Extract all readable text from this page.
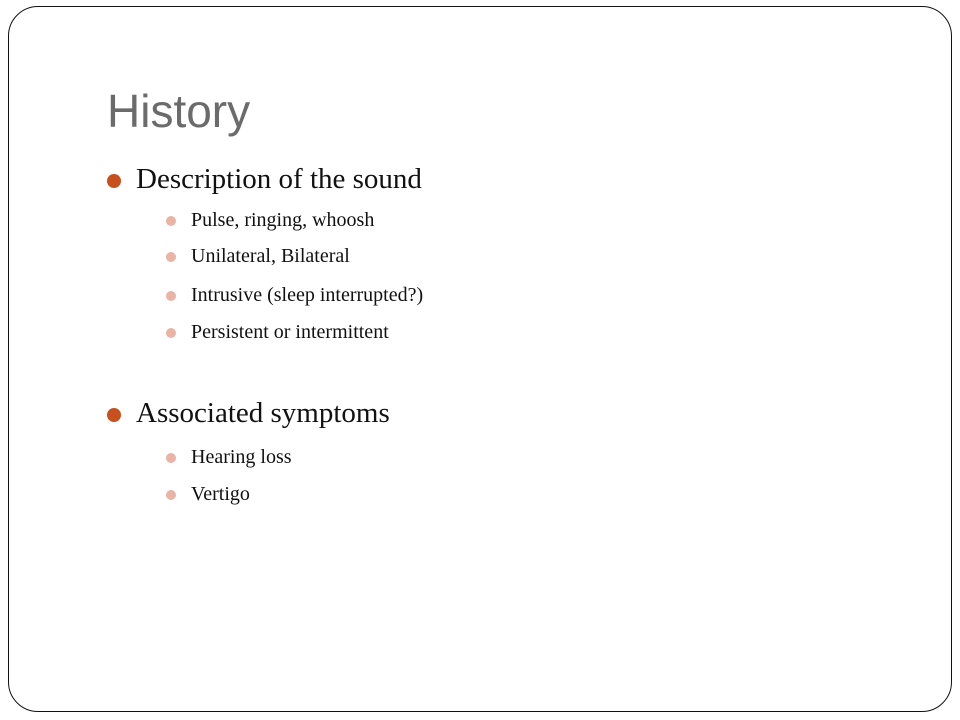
History
Description of the sound
Pulse, ringing, whoosh
Unilateral, Bilateral
Intrusive (sleep interrupted?)
Persistent or intermittent
Associated symptoms
Hearing loss
Vertigo
